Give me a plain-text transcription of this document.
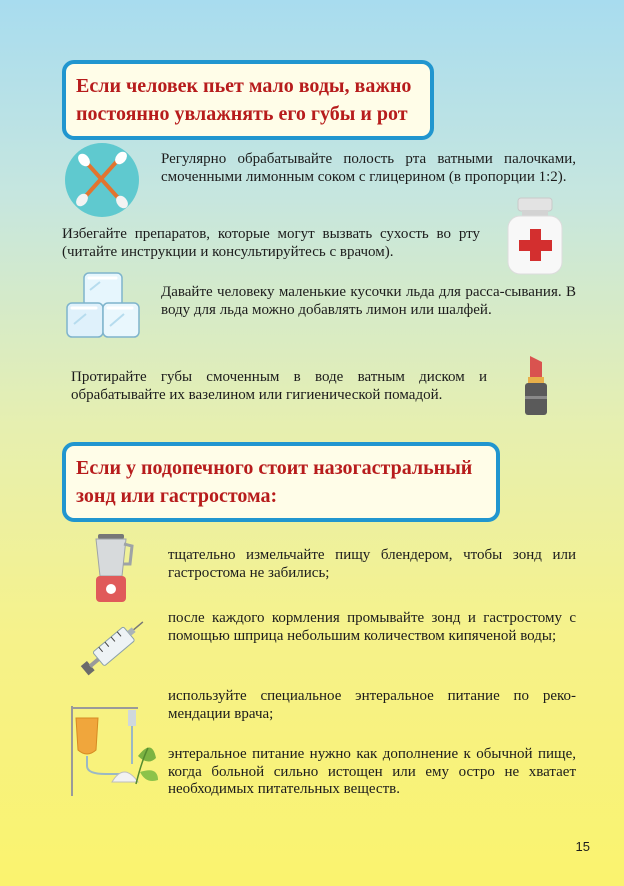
Если человек пьет мало воды, важно постоянно увлажнять его губы и рот
Регулярно обрабатывайте полость рта ватными палочками, смоченными лимонным соком с глицерином (в пропорции 1:2).
Избегайте препаратов, которые могут вызвать сухость во рту (читайте инструкции и консультируйтесь с врачом).
Давайте человеку маленькие кусочки льда для расса-сывания. В воду для льда можно добавлять лимон или шалфей.
Протирайте губы смоченным в воде ватным диском и обрабатывайте их вазелином или гигиенической помадой.
Если у подопечного стоит назогастральный зонд или гастростома:
тщательно измельчайте пищу блендером, чтобы зонд или гастростома не забились;
после каждого кормления промывайте зонд и гастростому с помощью шприца небольшим количеством кипяченой воды;
используйте специальное энтеральное питание по реко-мендации врача;
энтеральное питание нужно как дополнение к обычной пище, когда больной сильно истощен или ему остро не хватает необходимых питательных веществ.
15
